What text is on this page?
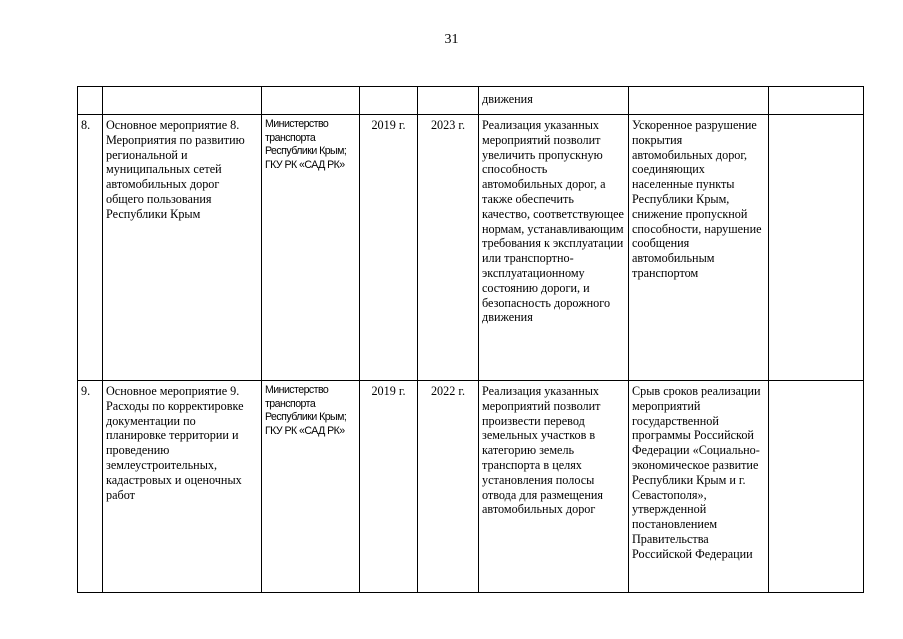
31
					движения		
8.	Основное мероприятие 8. Мероприятия по развитию региональной и муниципальных сетей автомобильных дорог общего пользования Республики Крым	Министерство транспорта Республики Крым; ГКУ РК «САД РК»	2019 г.	2023 г.	Реализация указанных мероприятий позволит увеличить пропускную способность автомобильных дорог, а также обеспечить качество, соответствующее нормам, устанавливающим требования к эксплуатации или транспортно-эксплуатационному состоянию дороги, и безопасность дорожного движения	Ускоренное разрушение покрытия автомобильных дорог, соединяющих населенные пункты Республики Крым, снижение пропускной способности, нарушение сообщения автомобильным транспортом	
9.	Основное мероприятие 9. Расходы по корректировке документации по планировке территории и проведению землеустроительных, кадастровых и оценочных работ	Министерство транспорта Республики Крым; ГКУ РК «САД РК»	2019 г.	2022 г.	Реализация указанных мероприятий позволит произвести перевод земельных участков в категорию земель транспорта в целях установления полосы отвода для размещения автомобильных дорог	Срыв сроков реализации мероприятий государственной программы Российской Федерации «Социально-экономическое развитие Республики Крым и г. Севастополя», утвержденной постановлением Правительства Российской Федерации	
